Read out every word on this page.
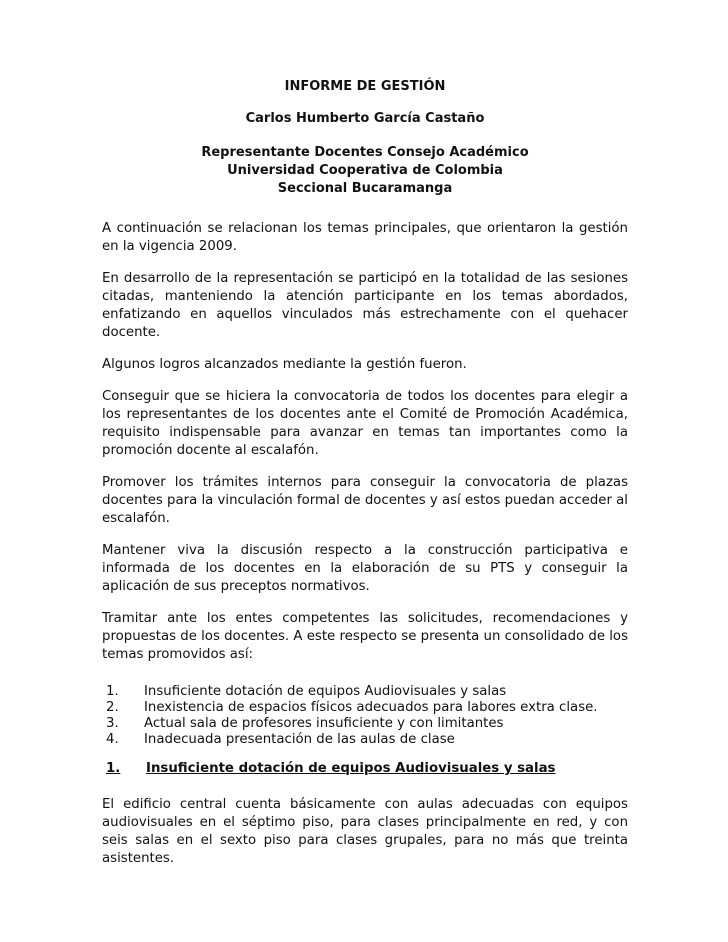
INFORME DE GESTIÓN
Carlos Humberto García Castaño
Representante Docentes Consejo Académico
Universidad Cooperativa de Colombia
Seccional Bucaramanga

A continuación se relacionan los temas principales, que orientaron la gestión en la vigencia 2009.

En desarrollo de la representación se participó en la totalidad de las sesiones citadas, manteniendo la atención participante en los temas abordados, enfatizando en aquellos vinculados más estrechamente con el quehacer docente.

Algunos logros alcanzados mediante la gestión fueron.

Conseguir que se hiciera la convocatoria de todos los docentes para elegir a los representantes de los docentes ante el Comité de Promoción Académica, requisito indispensable para avanzar en temas tan importantes como la promoción docente al escalafón.

Promover los trámites internos para conseguir la convocatoria de plazas docentes para la vinculación formal de docentes y así estos puedan acceder al escalafón.

Mantener viva la discusión respecto a la construcción participativa e informada de los docentes en la elaboración de su PTS y conseguir la aplicación de sus preceptos normativos.

Tramitar ante los entes competentes las solicitudes, recomendaciones y propuestas de los docentes. A este respecto se presenta un consolidado de los temas promovidos así:

1.	Insuficiente dotación de equipos Audiovisuales y salas
2.	Inexistencia de espacios físicos adecuados para labores extra clase.
3.	Actual sala de profesores insuficiente y con limitantes
4.	Inadecuada presentación de las aulas de clase
1.	Insuficiente dotación de equipos Audiovisuales y salas

El edificio central cuenta básicamente con aulas adecuadas con equipos audiovisuales en el séptimo piso, para clases principalmente en red, y con seis salas en el sexto piso para clases grupales, para no más que treinta asistentes.
